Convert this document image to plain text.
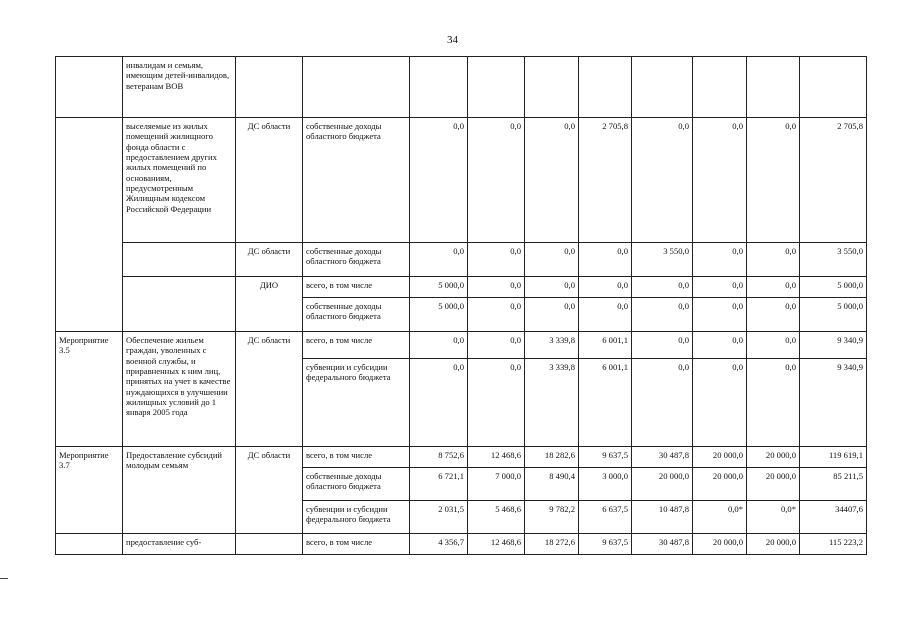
34
	инвалидам и семьям, имеющим детей-инвалидов, ветеранам ВОВ										
	выселяемые из жилых помещений жилищного фонда области с предоставлением других жилых помещений по основаниям, предусмотренным Жилищным кодексом Российской Федерации	ДС области	собственные доходы областного бюджета	0,0	0,0	0,0	2 705,8	0,0	0,0	0,0	2 705,8
		ДС области	собственные доходы областного бюджета	0,0	0,0	0,0	0,0	3 550,0	0,0	0,0	3 550,0
		ДИО	всего, в том числе	5 000,0	0,0	0,0	0,0	0,0	0,0	0,0	5 000,0
			собственные доходы областного бюджета	5 000,0	0,0	0,0	0,0	0,0	0,0	0,0	5 000,0
Мероприятие 3.5	Обеспечение жильем граждан, уволенных с военной службы, и приравненных к ним лиц, принятых на учет в качестве нуждающихся в улучшении жилищных условий до 1 января 2005 года	ДС области	всего, в том числе	0,0	0,0	3 339,8	6 001,1	0,0	0,0	0,0	9 340,9
			субвенции и субсидии федерального бюджета	0,0	0,0	3 339,8	6 001,1	0,0	0,0	0,0	9 340,9
Мероприятие 3.7	Предоставление субсидий молодым семьям	ДС области	всего, в том числе	8 752,6	12 468,6	18 282,6	9 637,5	30 487,8	20 000,0	20 000,0	119 619,1
			собственные доходы областного бюджета	6 721,1	7 000,0	8 490,4	3 000,0	20 000,0	20 000,0	20 000,0	85 211,5
			субвенции и субсидии федерального бюджета	2 031,5	5 468,6	9 782,2	6 637,5	10 487,8	0,0*	0,0*	34407,6
	предоставление суб-		всего, в том числе	4 356,7	12 468,6	18 272,6	9 637,5	30 487,8	20 000,0	20 000,0	115 223,2
